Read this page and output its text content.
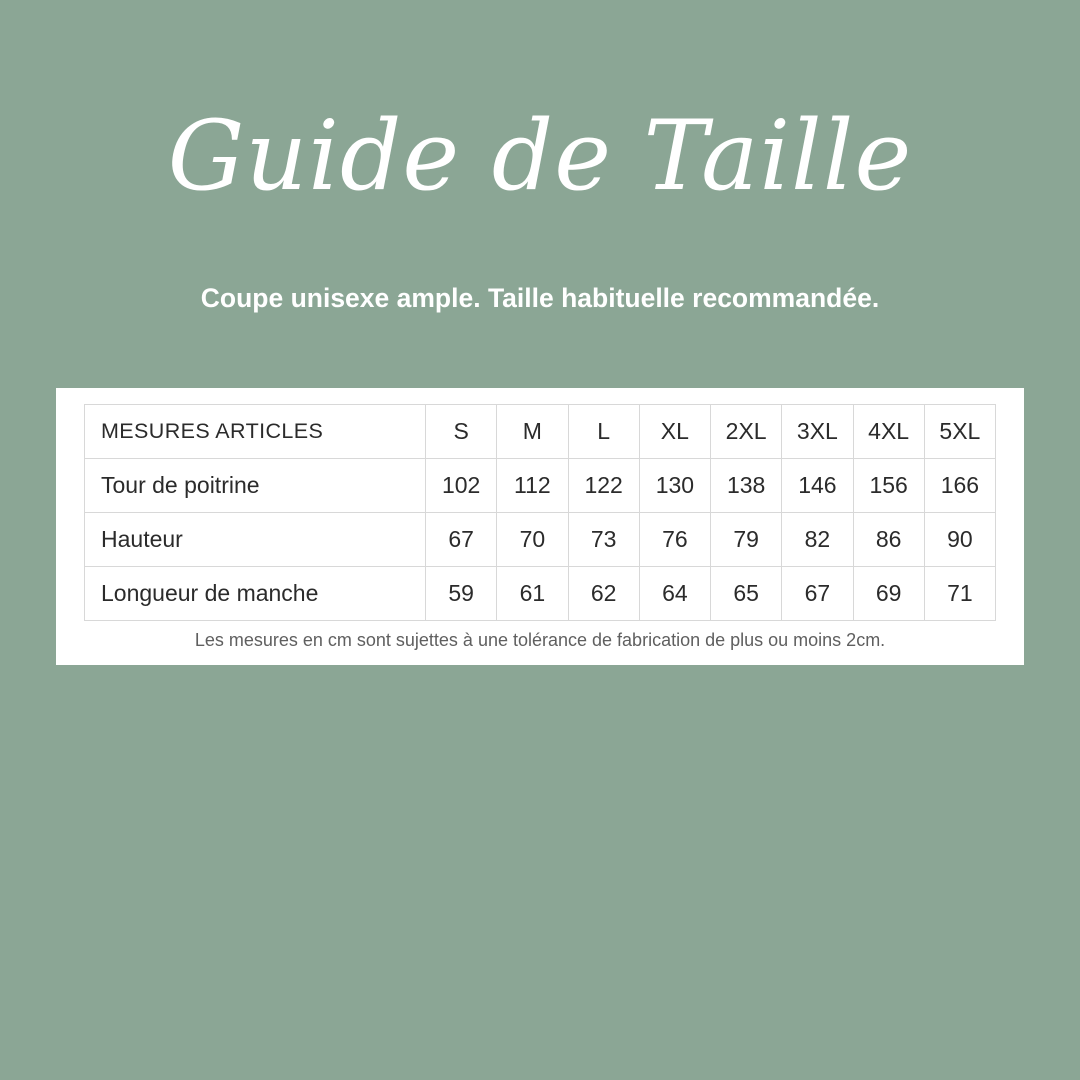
Guide de Taille
Coupe unisexe ample. Taille habituelle recommandée.
MESURES ARTICLES	S	M	L	XL	2XL	3XL	4XL	5XL
Tour de poitrine	102	112	122	130	138	146	156	166
Hauteur	67	70	73	76	79	82	86	90
Longueur de manche	59	61	62	64	65	67	69	71

Les mesures en cm sont sujettes à une tolérance de fabrication de plus ou moins 2cm.
